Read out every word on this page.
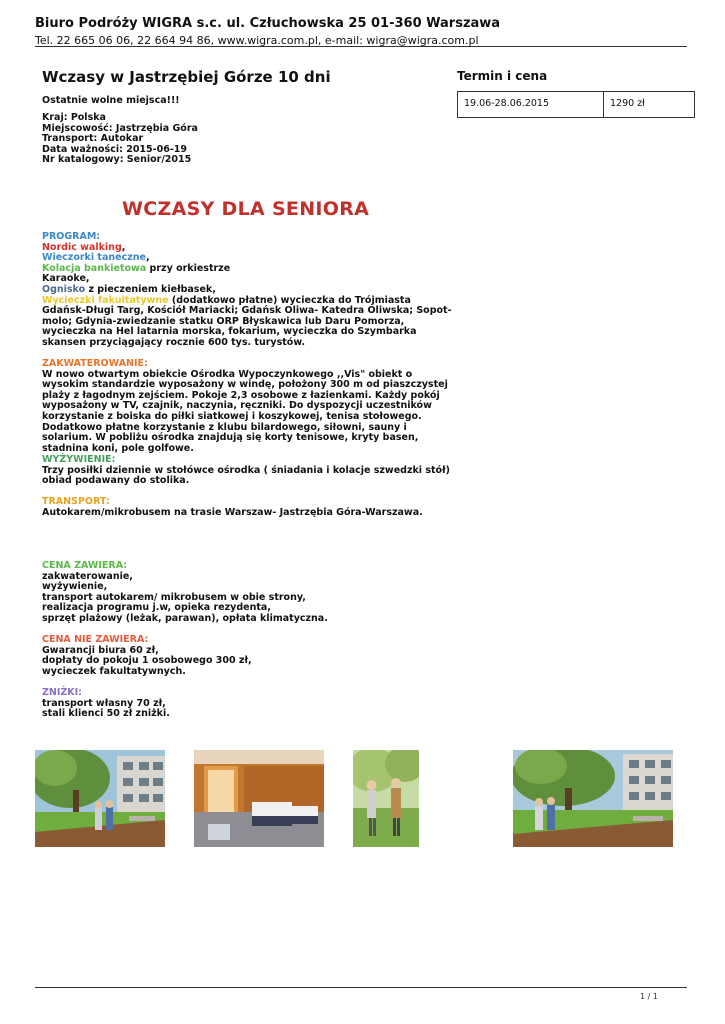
Biuro Podróży WIGRA s.c. ul. Człuchowska 25 01-360 Warszawa
Tel. 22 665 06 06, 22 664 94 86, www.wigra.com.pl, e-mail: wigra@wigra.com.pl
Wczasy w Jastrzębiej Górze 10 dni	Termin i cena
19.06-28.06.2015	1290 zł
Ostatnie wolne miejsca!!!
Kraj: Polska
Miejscowość: Jastrzębia Góra
Transport: Autokar
Data ważności: 2015-06-19
Nr katalogowy: Senior/2015
WCZASY DLA SENIORA
PROGRAM:
Nordic walking,
Wieczorki taneczne,
Kolacja bankietowa przy orkiestrze
Karaoke,
Ognisko z pieczeniem kiełbasek,
Wycieczki fakultatywne (dodatkowo płatne) wycieczka do Trójmiasta Gdańsk-Długi Targ, Kościół Mariacki; Gdańsk Oliwa- Katedra Oliwska; Sopot- molo; Gdynia-zwiedzanie statku ORP Błyskawica lub Daru Pomorza, wycieczka na Hel latarnia morska, fokarium, wycieczka do Szymbarka skansen przyciągający rocznie 600 tys. turystów.
ZAKWATEROWANIE:
W nowo otwartym obiekcie Ośrodka Wypoczynkowego ,,Vis" obiekt o wysokim standardzie wyposażony w windę, położony 300 m od piaszczystej plaży z łagodnym zejściem. Pokoje 2,3 osobowe z łazienkami. Każdy pokój wyposażony w TV, czajnik, naczynia, ręczniki. Do dyspozycji uczestników korzystanie z boiska do piłki siatkowej i koszykowej, tenisa stołowego. Dodatkowo płatne korzystanie z klubu bilardowego, siłowni, sauny i solarium. W pobliżu ośrodka znajdują się korty tenisowe, kryty basen, stadnina koni, pole golfowe.
WYŻYWIENIE:
Trzy posiłki dziennie w stołówce ośrodka ( śniadania i kolacje szwedzki stół) obiad podawany do stolika.
TRANSPORT:
Autokarem/mikrobusem na trasie Warszaw- Jastrzębia Góra-Warszawa.
CENA ZAWIERA:
zakwaterowanie,
wyżywienie,
transport autokarem/ mikrobusem w obie strony,
realizacja programu j.w, opieka rezydenta,
sprzęt plażowy (leżak, parawan), opłata klimatyczna.
CENA NIE ZAWIERA:
Gwarancji biura 60 zł,
dopłaty do pokoju 1 osobowego 300 zł,
wycieczek fakultatywnych.
ZNIŻKI:
transport własny 70 zł,
stali klienci 50 zł zniżki.
1 / 1
